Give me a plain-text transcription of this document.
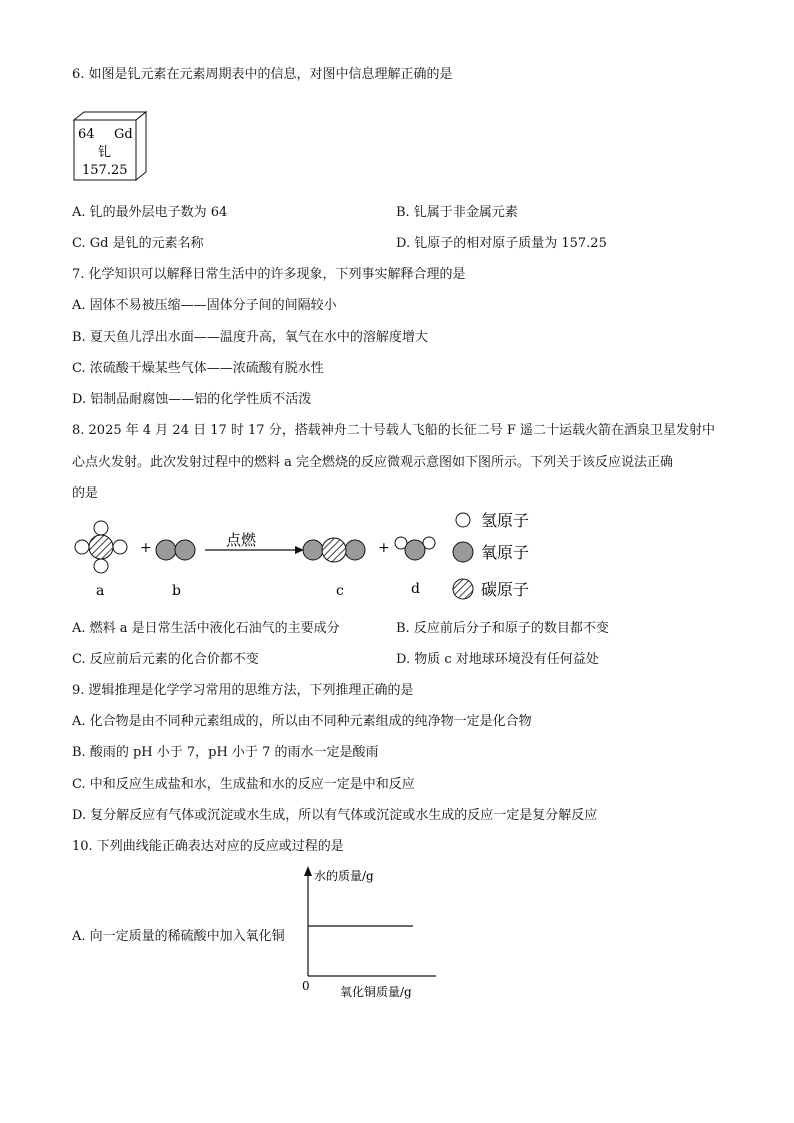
6. 如图是钆元素在元素周期表中的信息，对图中信息理解正确的是
64 Gd
钆
157.25
A. 钆的最外层电子数为 64	B. 钆属于非金属元素
C. Gd 是钆的元素名称	D. 钆原子的相对原子质量为 157.25
7. 化学知识可以解释日常生活中的许多现象，下列事实解释合理的是
A. 固体不易被压缩——固体分子间的间隔较小
B. 夏天鱼儿浮出水面——温度升高，氧气在水中的溶解度增大
C. 浓硫酸干燥某些气体——浓硫酸有脱水性
D. 铝制品耐腐蚀——铝的化学性质不活泼
8. 2025 年 4 月 24 日 17 时 17 分，搭载神舟二十号载人飞船的长征二号 F 遥二十运载火箭在酒泉卫星发射中
心点火发射。此次发射过程中的燃料 a 完全燃烧的反应微观示意图如下图所示。下列关于该反应说法正确
的是
a
+
b
点燃
c
+
d
氢原子
氧原子
碳原子
A. 燃料 a 是日常生活中液化石油气的主要成分	B. 反应前后分子和原子的数目都不变
C. 反应前后元素的化合价都不变	D. 物质 c 对地球环境没有任何益处
9. 逻辑推理是化学学习常用的思维方法，下列推理正确的是
A. 化合物是由不同种元素组成的，所以由不同种元素组成的纯净物一定是化合物
B. 酸雨的 pH 小于 7，pH 小于 7 的雨水一定是酸雨
C. 中和反应生成盐和水，生成盐和水的反应一定是中和反应
D. 复分解反应有气体或沉淀或水生成，所以有气体或沉淀或水生成的反应一定是复分解反应
10. 下列曲线能正确表达对应的反应或过程的是
A. 向一定质量的稀硫酸中加入氧化铜
水的质量/g
0	氧化铜质量/g
